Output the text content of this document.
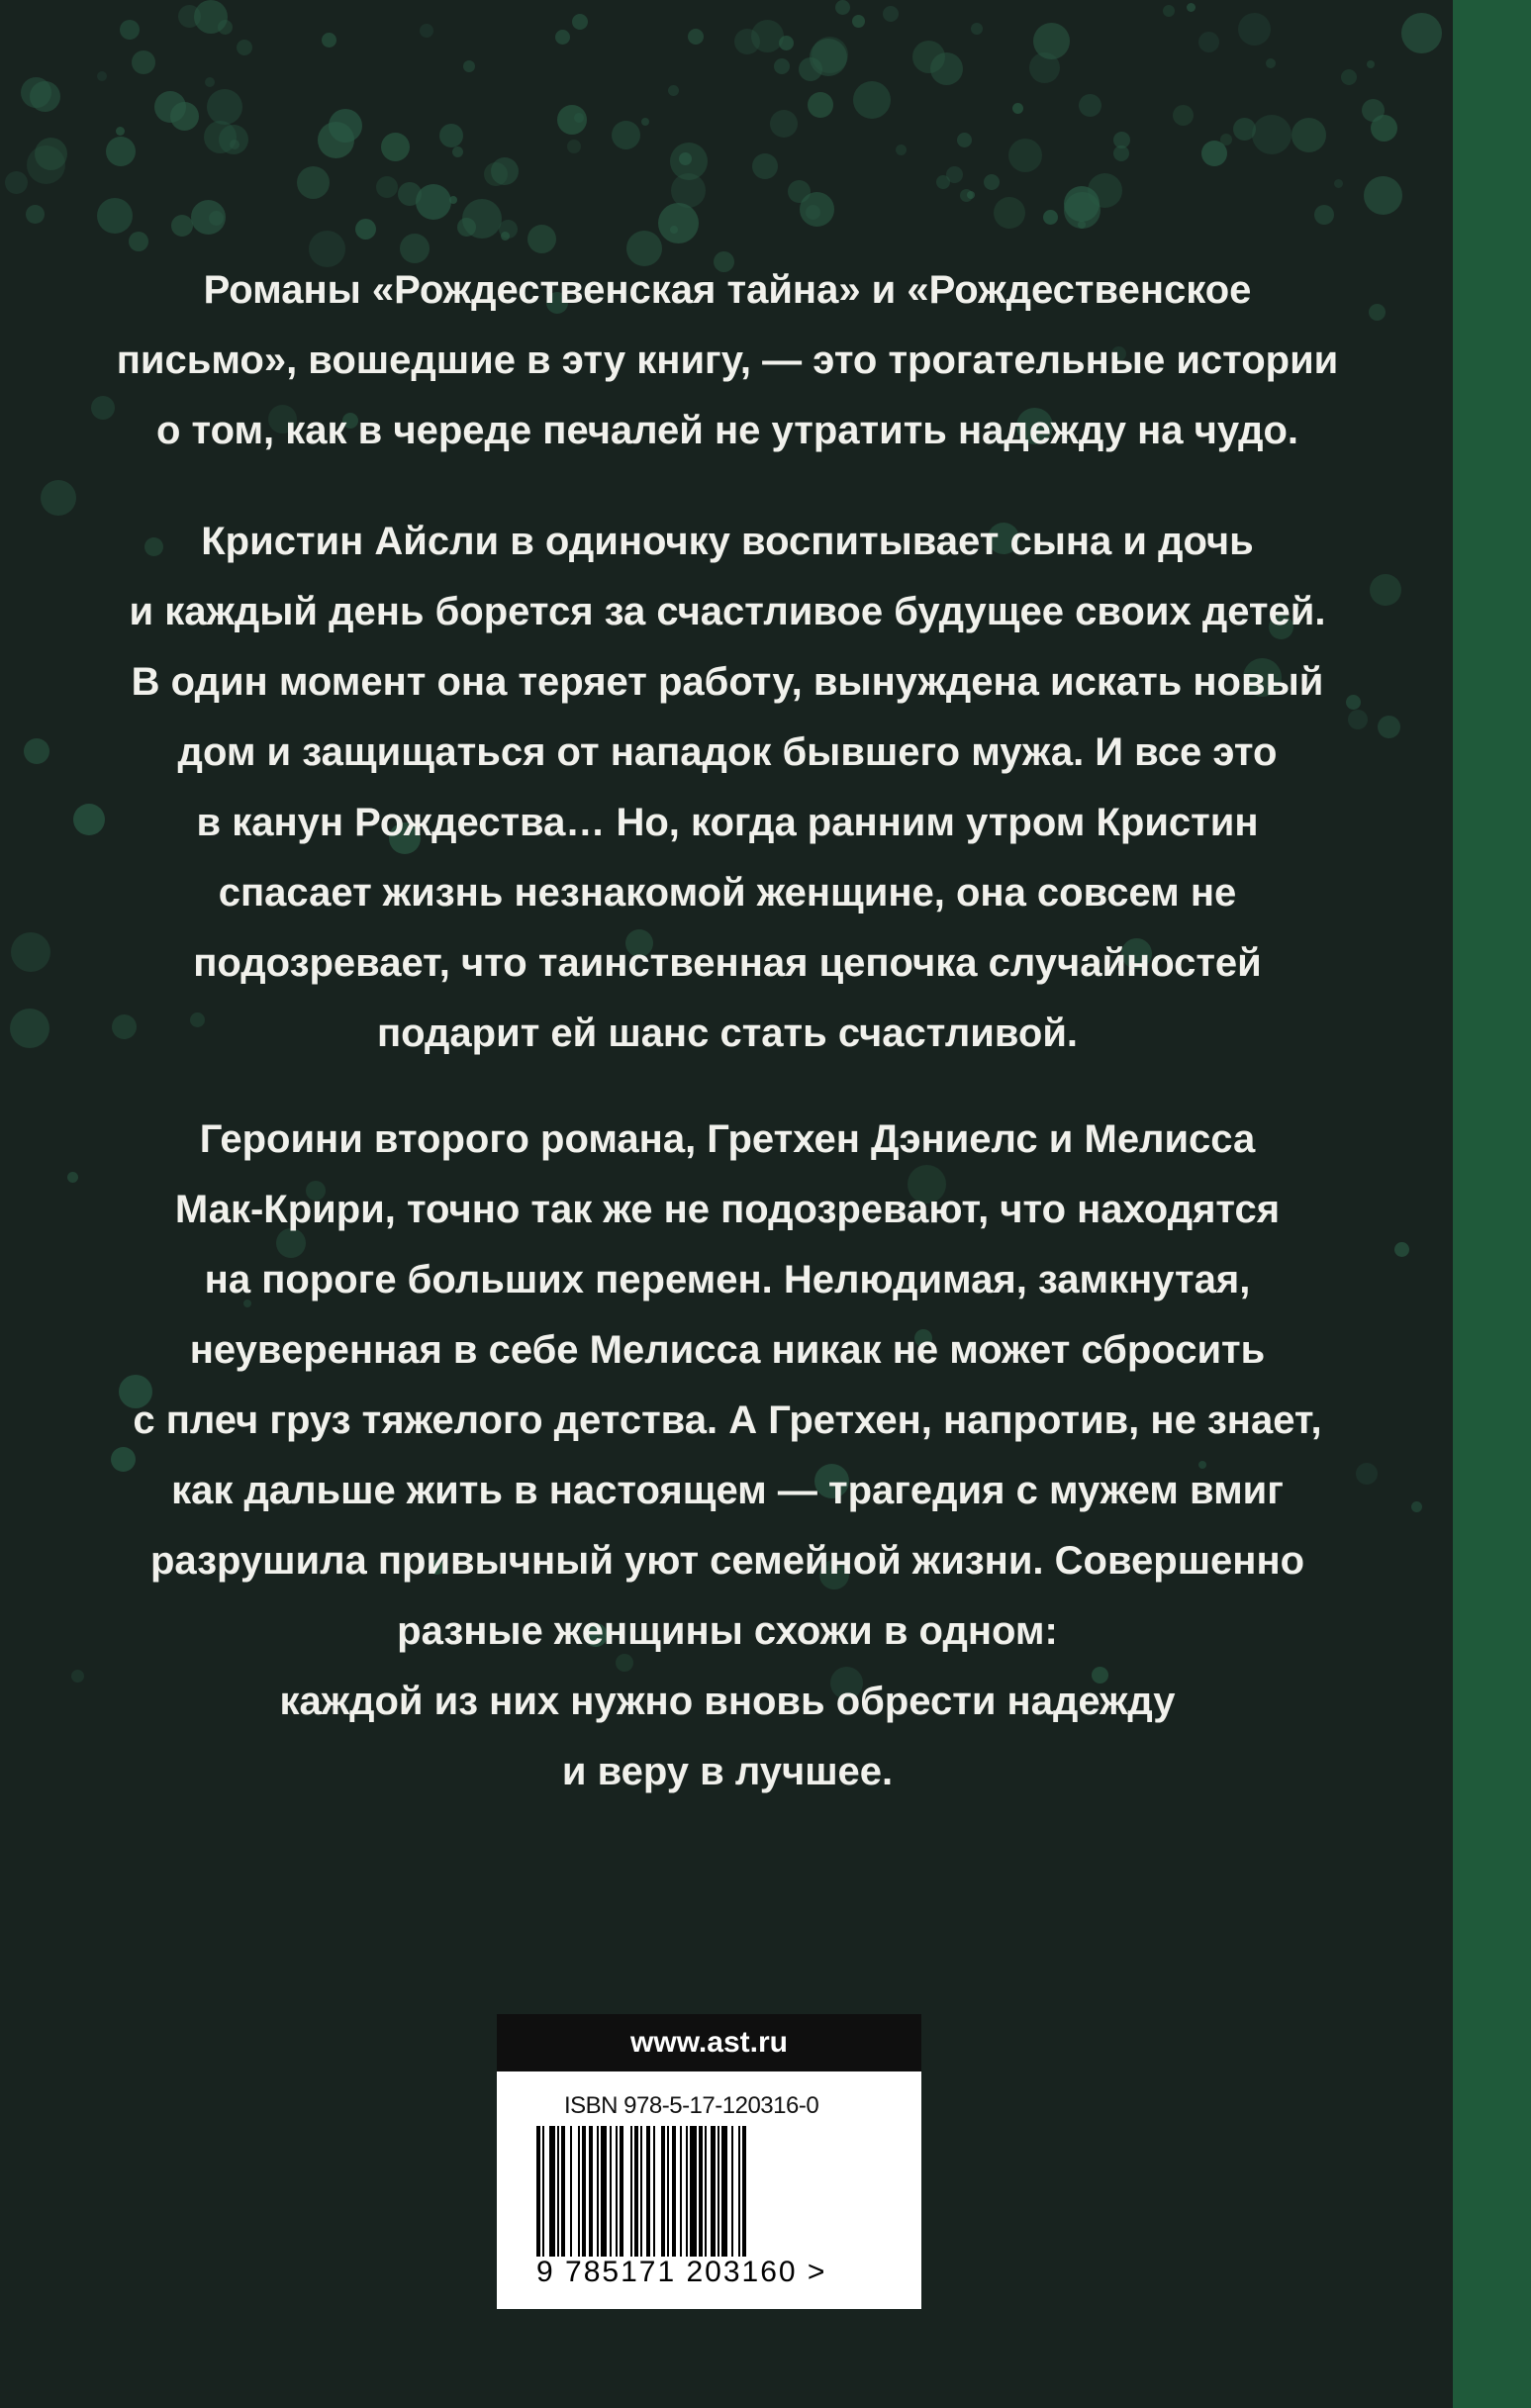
Романы «Рождественская тайна» и «Рождественское
письмо», вошедшие в эту книгу, — это трогательные истории
о том, как в череде печалей не утратить надежду на чудо.

Кристин Айсли в одиночку воспитывает сына и дочь
и каждый день борется за счастливое будущее своих детей.
В один момент она теряет работу, вынуждена искать новый
дом и защищаться от нападок бывшего мужа. И все это
в канун Рождества… Но, когда ранним утром Кристин
спасает жизнь незнакомой женщине, она совсем не
подозревает, что таинственная цепочка случайностей
подарит ей шанс стать счастливой.

Героини второго романа, Гретхен Дэниелс и Мелисса
Мак-Крири, точно так же не подозревают, что находятся
на пороге больших перемен. Нелюдимая, замкнутая,
неуверенная в себе Мелисса никак не может сбросить
с плеч груз тяжелого детства. А Гретхен, напротив, не знает,
как дальше жить в настоящем — трагедия с мужем вмиг
разрушила привычный уют семейной жизни. Совершенно
разные женщины схожи в одном:
каждой из них нужно вновь обрести надежду
и веру в лучшее.

www.ast.ru
ISBN 978-5-17-120316-0
9 785171 203160 >
